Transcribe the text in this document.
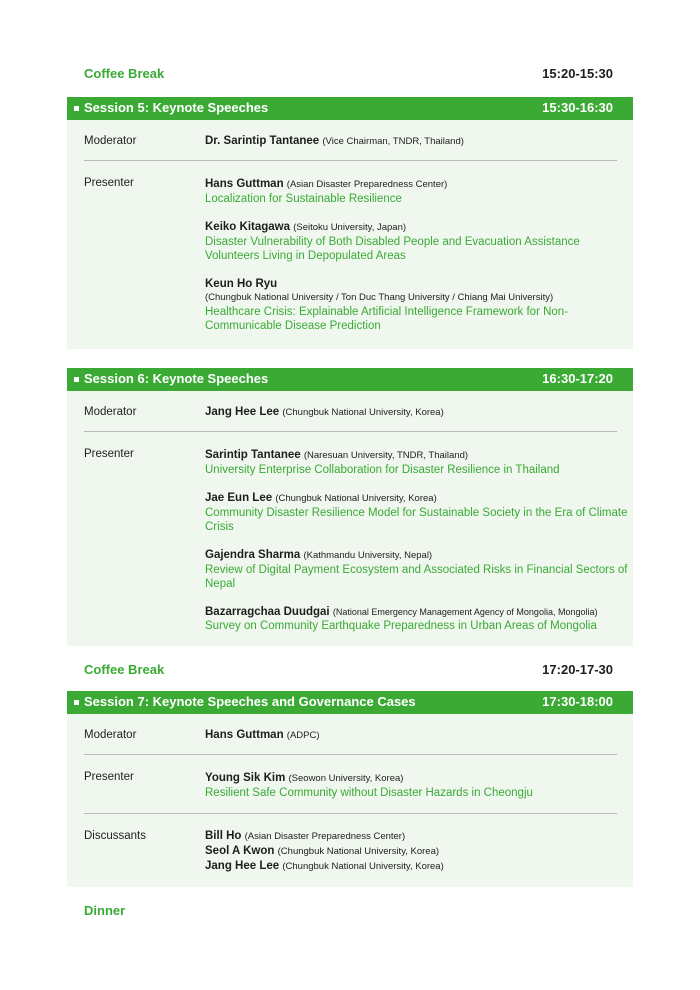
Coffee Break	15:20-15:30
Session 5: Keynote Speeches	15:30-16:30
Moderator	Dr. Sarintip Tantanee (Vice Chairman, TNDR, Thailand)
Presenter	Hans Guttman (Asian Disaster Preparedness Center)
Localization for Sustainable Resilience
Keiko Kitagawa (Seitoku University, Japan)
Disaster Vulnerability of Both Disabled People and Evacuation Assistance Volunteers Living in Depopulated Areas
Keun Ho Ryu
(Chungbuk National University / Ton Duc Thang University / Chiang Mai University)
Healthcare Crisis: Explainable Artificial Intelligence Framework for Non-Communicable Disease Prediction
Session 6: Keynote Speeches	16:30-17:20
Moderator	Jang Hee Lee (Chungbuk National University, Korea)
Presenter	Sarintip Tantanee (Naresuan University, TNDR, Thailand)
University Enterprise Collaboration for Disaster Resilience in Thailand
Jae Eun Lee (Chungbuk National University, Korea)
Community Disaster Resilience Model for Sustainable Society in the Era of Climate Crisis
Gajendra Sharma (Kathmandu University, Nepal)
Review of Digital Payment Ecosystem and Associated Risks in Financial Sectors of Nepal
Bazarragchaa Duudgai (National Emergency Management Agency of Mongolia, Mongolia)
Survey on Community Earthquake Preparedness in Urban Areas of Mongolia
Coffee Break	17:20-17-30
Session 7: Keynote Speeches and Governance Cases	17:30-18:00
Moderator	Hans Guttman (ADPC)
Presenter	Young Sik Kim (Seowon University, Korea)
Resilient Safe Community without Disaster Hazards in Cheongju
Discussants	Bill Ho (Asian Disaster Preparedness Center)
Seol A Kwon (Chungbuk National University, Korea)
Jang Hee Lee (Chungbuk National University, Korea)
Dinner
